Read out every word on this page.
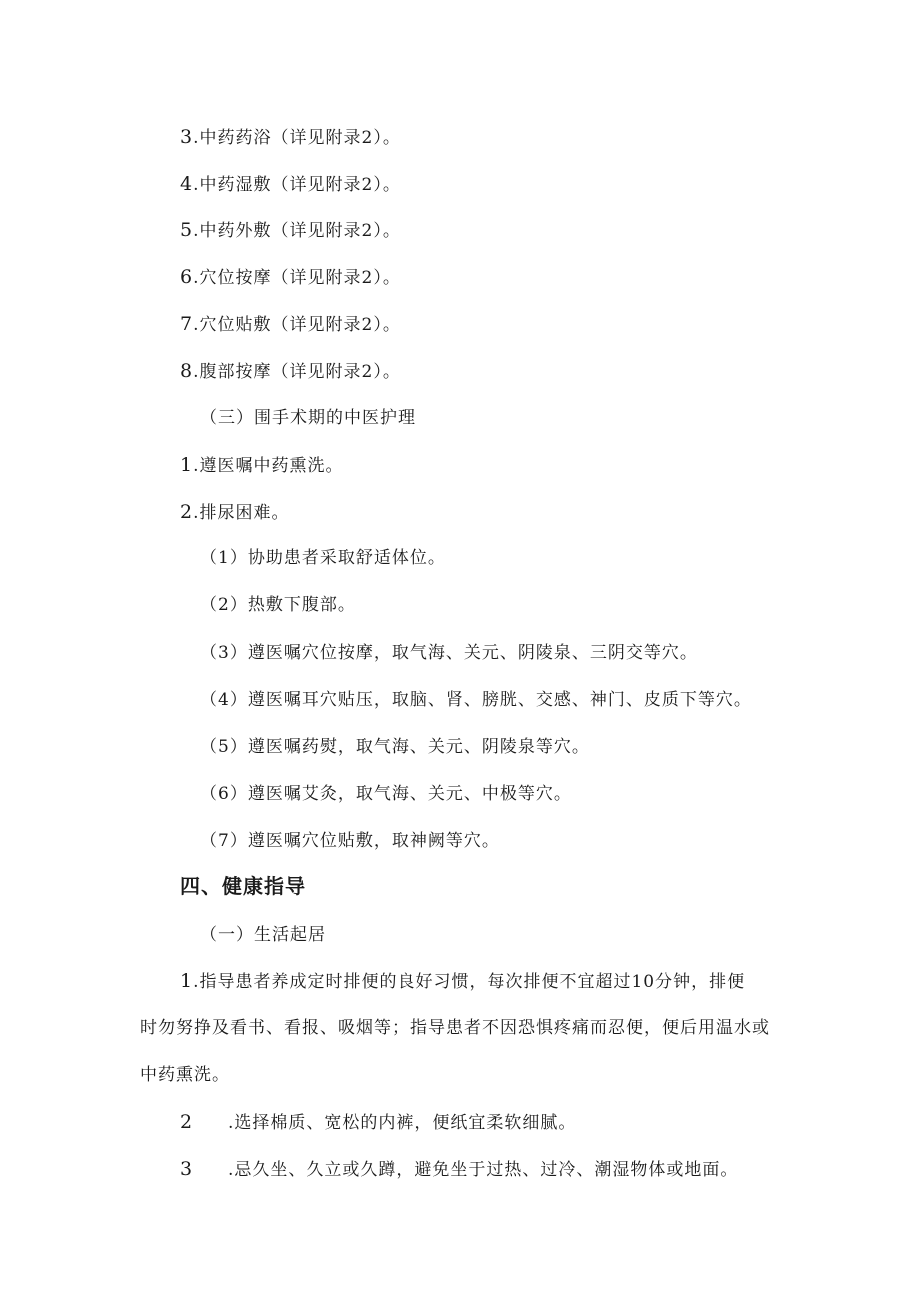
3.中药药浴（详见附录2）。
4.中药湿敷（详见附录2）。
5.中药外敷（详见附录2）。
6.穴位按摩（详见附录2）。
7.穴位贴敷（详见附录2）。
8.腹部按摩（详见附录2）。
（三）围手术期的中医护理
1.遵医嘱中药熏洗。
2.排尿困难。
（1）协助患者采取舒适体位。
（2）热敷下腹部。
（3）遵医嘱穴位按摩，取气海、关元、阴陵泉、三阴交等穴。
（4）遵医嘱耳穴贴压，取脑、肾、膀胱、交感、神门、皮质下等穴。
（5）遵医嘱药熨，取气海、关元、阴陵泉等穴。
（6）遵医嘱艾灸，取气海、关元、中极等穴。
（7）遵医嘱穴位贴敷，取神阙等穴。
四、健康指导
（一）生活起居
1.指导患者养成定时排便的良好习惯，每次排便不宜超过10分钟，排便
时勿努挣及看书、看报、吸烟等；指导患者不因恐惧疼痛而忍便，便后用温水或
中药熏洗。
2 .选择棉质、宽松的内裤，便纸宜柔软细腻。
3 .忌久坐、久立或久蹲，避免坐于过热、过冷、潮湿物体或地面。
